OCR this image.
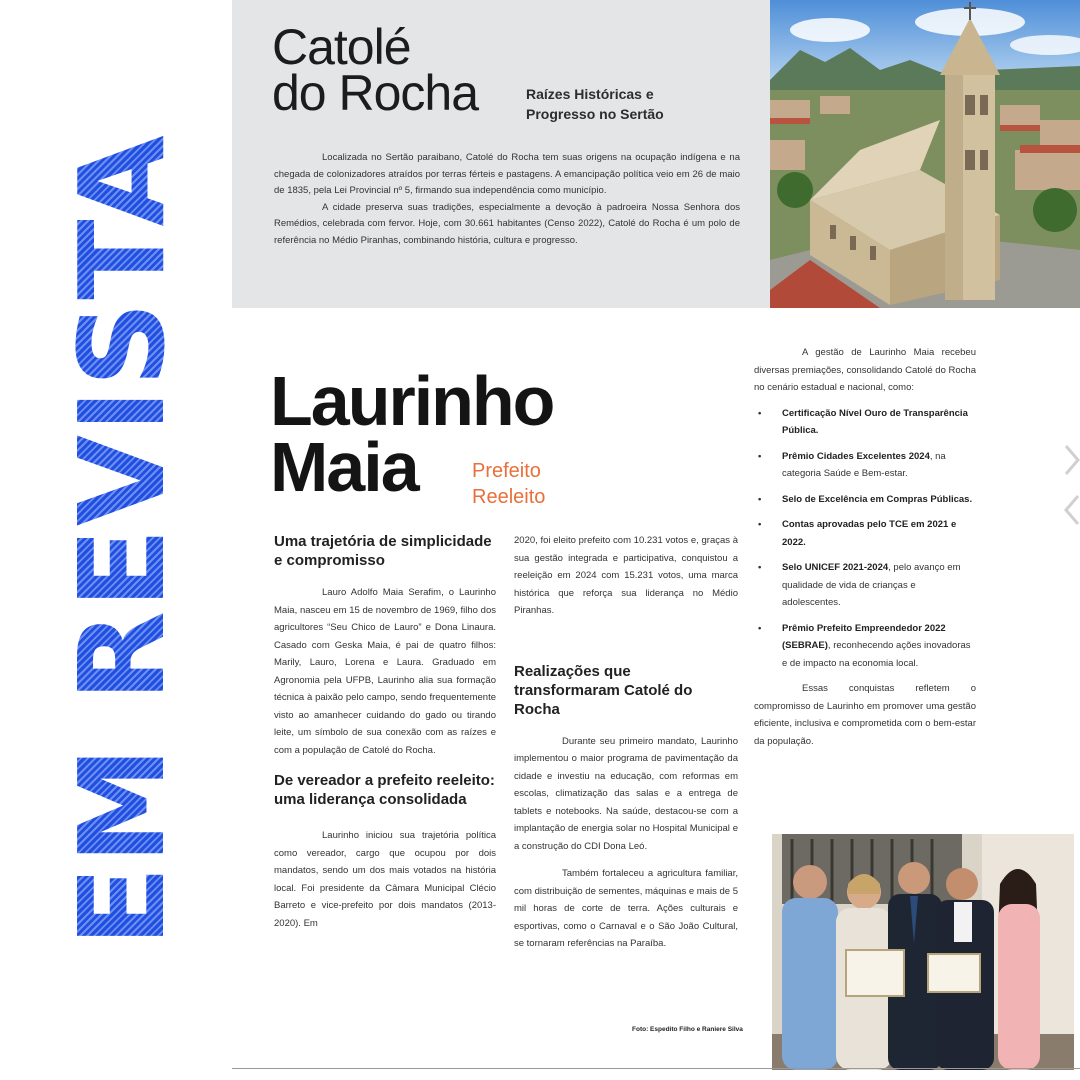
EM REVISTA
Catolé
do Rocha	Raízes Históricas e Progresso no Sertão

Localizada no Sertão paraibano, Catolé do Rocha tem suas origens na ocupação indígena e na chegada de colonizadores atraídos por terras férteis e pastagens. A emancipação política veio em 26 de maio de 1835, pela Lei Provincial nº 5, firmando sua independência como município.

A cidade preserva suas tradições, especialmente a devoção à padroeira Nossa Senhora dos Remédios, celebrada com fervor. Hoje, com 30.661 habitantes (Censo 2022), Catolé do Rocha é um polo de referência no Médio Piranhas, combinando história, cultura e progresso.

Laurinho
Maia	Prefeito
Reeleito
Uma trajetória de simplicidade e compromisso

Lauro Adolfo Maia Serafim, o Laurinho Maia, nasceu em 15 de novembro de 1969, filho dos agricultores “Seu Chico de Lauro” e Dona Linaura. Casado com Geska Maia, é pai de quatro filhos: Marily, Lauro, Lorena e Laura. Graduado em Agronomia pela UFPB, Laurinho alia sua formação técnica à paixão pelo campo, sendo frequentemente visto ao amanhecer cuidando do gado ou tirando leite, um símbolo de sua conexão com as raízes e com a população de Catolé do Rocha.

De vereador a prefeito reeleito: uma liderança consolidada

Laurinho iniciou sua trajetória política como vereador, cargo que ocupou por dois mandatos, sendo um dos mais votados na história local. Foi presidente da Câmara Municipal Clécio Barreto e vice-prefeito por dois mandatos (2013-2020). Em

2020, foi eleito prefeito com 10.231 votos e, graças à sua gestão integrada e participativa, conquistou a reeleição em 2024 com 15.231 votos, uma marca histórica que reforça sua liderança no Médio Piranhas.

Realizações que transformaram Catolé do Rocha

Durante seu primeiro mandato, Laurinho implementou o maior programa de pavimentação da cidade e investiu na educação, com reformas em escolas, climatização das salas e a entrega de tablets e notebooks. Na saúde, destacou-se com a implantação de energia solar no Hospital Municipal e a construção do CDI Dona Leó.

Também fortaleceu a agricultura familiar, com distribuição de sementes, máquinas e mais de 5 mil horas de corte de terra. Ações culturais e esportivas, como o Carnaval e o São João Cultural, se tornaram referências na Paraíba.

A gestão de Laurinho Maia recebeu diversas premiações, consolidando Catolé do Rocha no cenário estadual e nacional, como:

• Certificação Nível Ouro de Transparência Pública.
• Prêmio Cidades Excelentes 2024, na categoria Saúde e Bem-estar.
• Selo de Excelência em Compras Públicas.
• Contas aprovadas pelo TCE em 2021 e 2022.
• Selo UNICEF 2021-2024, pelo avanço em qualidade de vida de crianças e adolescentes.
• Prêmio Prefeito Empreendedor 2022 (SEBRAE), reconhecendo ações inovadoras e de impacto na economia local.

Essas conquistas refletem o compromisso de Laurinho em promover uma gestão eficiente, inclusiva e comprometida com o bem-estar da população.

Foto: Espedito Filho e Raniere Silva
